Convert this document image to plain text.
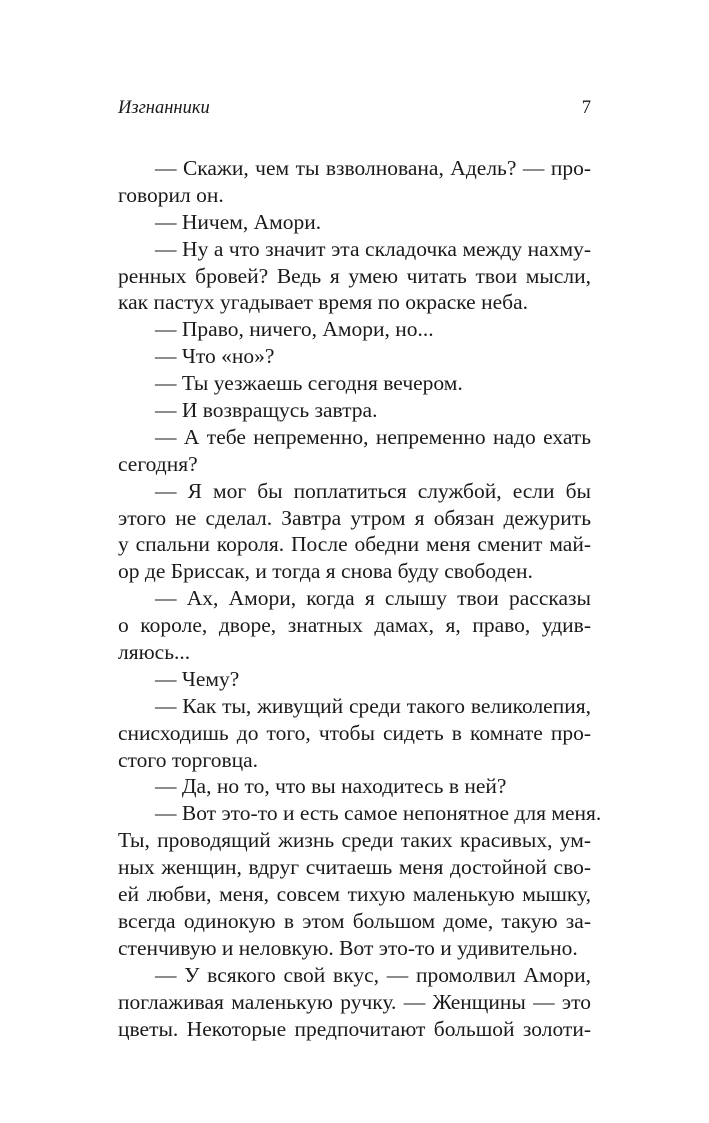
Изгнанники	7
— Скажи, чем ты взволнована, Адель? — про-
говорил он.
— Ничем, Амори.
— Ну а что значит эта складочка между нахму-
ренных бровей? Ведь я умею читать твои мысли,
как пастух угадывает время по окраске неба.
— Право, ничего, Амори, но...
— Что «но»?
— Ты уезжаешь сегодня вечером.
— И возвращусь завтра.
— А тебе непременно, непременно надо ехать
сегодня?
— Я мог бы поплатиться службой, если бы
этого не сделал. Завтра утром я обязан дежурить
у спальни короля. После обедни меня сменит май-
ор де Бриссак, и тогда я снова буду свободен.
— Ах, Амори, когда я слышу твои рассказы
о короле, дворе, знатных дамах, я, право, удив-
ляюсь...
— Чему?
— Как ты, живущий среди такого великолепия,
снисходишь до того, чтобы сидеть в комнате про-
стого торговца.
— Да, но то, что вы находитесь в ней?
— Вот это-то и есть самое непонятное для меня.
Ты, проводящий жизнь среди таких красивых, ум-
ных женщин, вдруг считаешь меня достойной сво-
ей любви, меня, совсем тихую маленькую мышку,
всегда одинокую в этом большом доме, такую за-
стенчивую и неловкую. Вот это-то и удивительно.
— У всякого свой вкус, — промолвил Амори,
поглаживая маленькую ручку. — Женщины — это
цветы. Некоторые предпочитают большой золоти-
